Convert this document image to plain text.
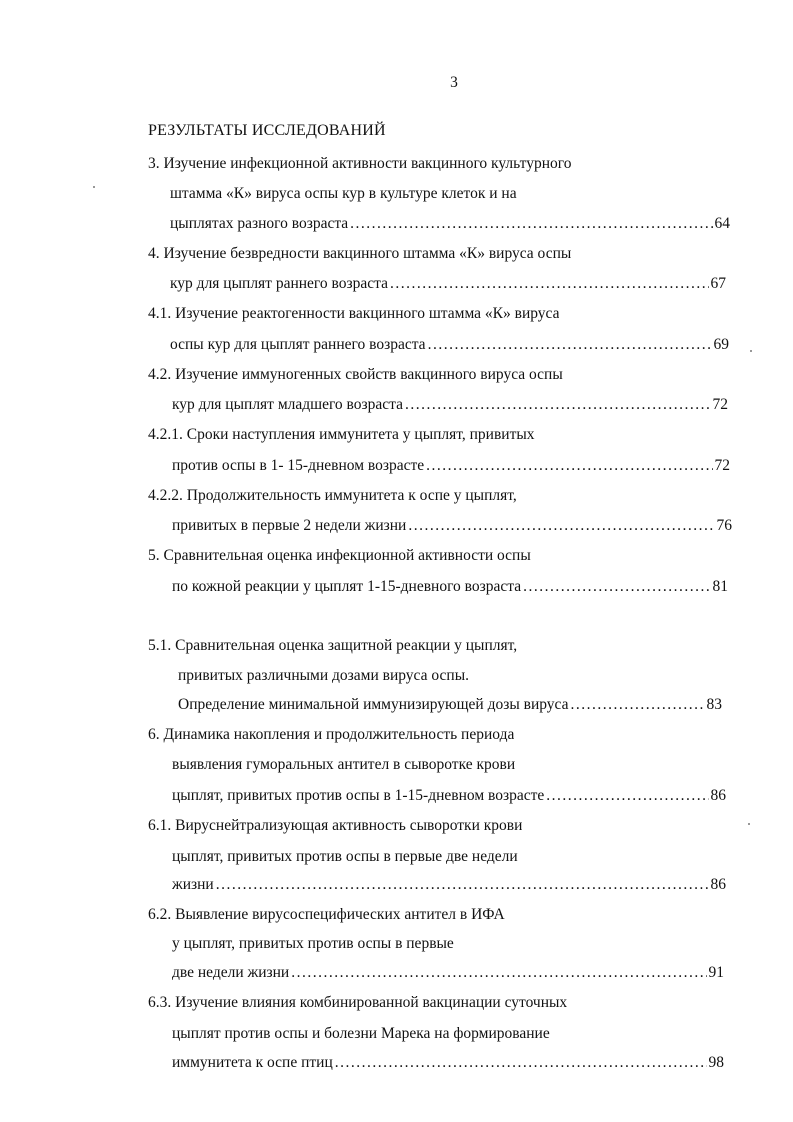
3
РЕЗУЛЬТАТЫ ИССЛЕДОВАНИЙ
3. Изучение инфекционной активности вакцинного культурного
штамма «К» вируса оспы кур в культуре клеток и на
цыплятах разного возраста .....	64
4. Изучение безвредности вакцинного штамма «К» вируса оспы
кур для цыплят раннего возраста .....	67
4.1. Изучение реактогенности вакцинного штамма «К» вируса
оспы кур для цыплят раннего возраста .....	69
4.2. Изучение иммуногенных свойств вакцинного вируса оспы
кур для цыплят младшего возраста .....	72
4.2.1. Сроки наступления иммунитета у цыплят, привитых
против оспы в 1- 15-дневном возрасте .....	72
4.2.2. Продолжительность иммунитета к оспе у цыплят,
привитых в первые 2 недели жизни .....	76
5. Сравнительная оценка инфекционной активности оспы
по кожной реакции у цыплят 1-15-дневного возраста .....	81
5.1. Сравнительная оценка защитной реакции у цыплят,
привитых различными дозами вируса оспы.
Определение минимальной иммунизирующей дозы вируса .....	83
6. Динамика накопления и продолжительность периода
выявления гуморальных антител в сыворотке крови
цыплят, привитых против оспы в 1-15-дневном возрасте .....	86
6.1. Вируснейтрализующая активность сыворотки крови
цыплят, привитых против оспы в первые две недели
жизни .....	86
6.2. Выявление вирусоспецифических антител в ИФА
у цыплят, привитых против оспы в первые
две недели жизни .....	91
6.3. Изучение влияния комбинированной вакцинации суточных
цыплят против оспы и болезни Марека на формирование
иммунитета к оспе птиц .....	98
